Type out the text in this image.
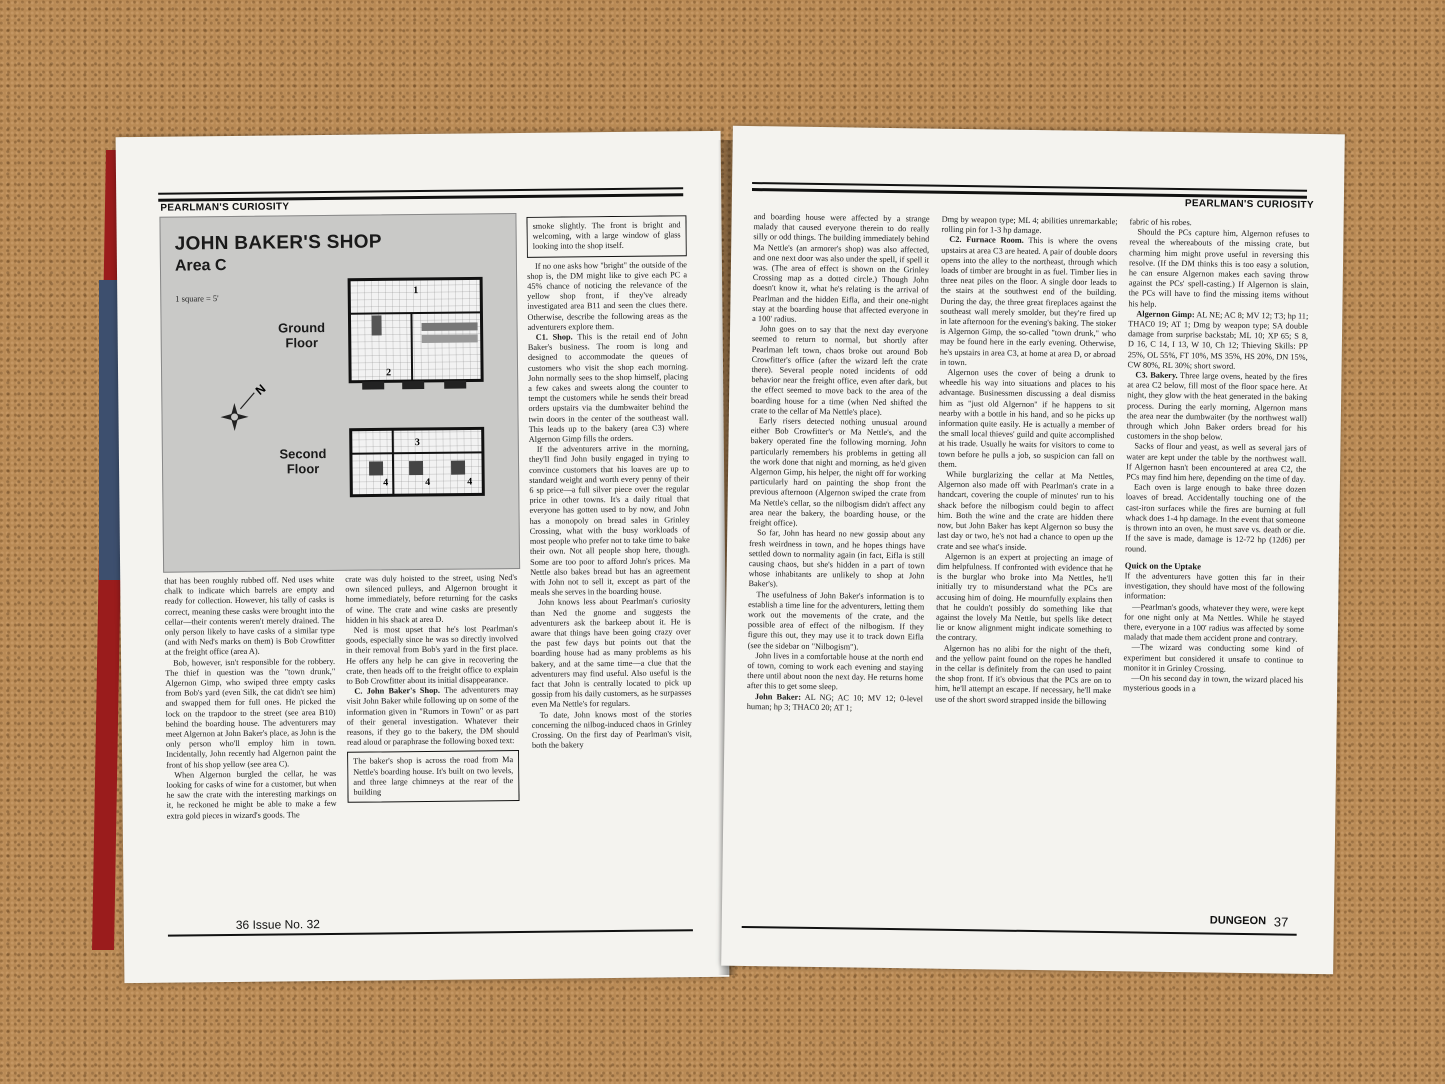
PEARLMAN'S CURIOSITY
JOHN BAKER'S SHOP
Area C
1 square = 5'
Ground Floor
Second Floor
1
2
3
4	4	4
N
smoke slightly. The front is bright and welcoming, with a large window of glass looking into the shop itself.

If no one asks how "bright" the outside of the shop is, the DM might like to give each PC a 45% chance of noticing the relevance of the yellow shop front, if they've already investigated area B11 and seen the clues there. Otherwise, describe the following areas as the adventurers explore them.

C1. Shop. This is the retail end of John Baker's business. The room is long and designed to accommodate the queues of customers who visit the shop each morning. John normally sees to the shop himself, placing a few cakes and sweets along the counter to tempt the customers while he sends their bread orders upstairs via the dumbwaiter behind the twin doors in the center of the southeast wall. This leads up to the bakery (area C3) where Algernon Gimp fills the orders.

If the adventurers arrive in the morning, they'll find John busily engaged in trying to convince customers that his loaves are up to standard weight and worth every penny of their 6 sp price—a full silver piece over the regular price in other towns. It's a daily ritual that everyone has gotten used to by now, and John has a monopoly on bread sales in Grinley Crossing, what with the busy workloads of most people who prefer not to take time to bake their own. Not all people shop here, though. Some are too poor to afford John's prices. Ma Nettle also bakes bread but has an agreement with John not to sell it, except as part of the meals she serves in the boarding house.

John knows less about Pearlman's curiosity than Ned the gnome and suggests the adventurers ask the barkeep about it. He is aware that things have been going crazy over the past few days but points out that the boarding house had as many problems as his bakery, and at the same time—a clue that the adventurers may find useful. Also useful is the fact that John is centrally located to pick up gossip from his daily customers, as he surpasses even Ma Nettle's for regulars.

To date, John knows most of the stories concerning the nilbog-induced chaos in Grinley Crossing. On the first day of Pearlman's visit, both the bakery

that has been roughly rubbed off. Ned uses white chalk to indicate which barrels are empty and ready for collection. However, his tally of casks is correct, meaning these casks were brought into the cellar—their contents weren't merely drained. The only person likely to have casks of a similar type (and with Ned's marks on them) is Bob Crowfitter at the freight office (area A).

Bob, however, isn't responsible for the robbery. The thief in question was the "town drunk," Algernon Gimp, who swiped three empty casks from Bob's yard (even Silk, the cat didn't see him) and swapped them for full ones. He picked the lock on the trapdoor to the street (see area B10) behind the boarding house. The adventurers may meet Algernon at John Baker's place, as John is the only person who'll employ him in town. Incidentally, John recently had Algernon paint the front of his shop yellow (see area C).

When Algernon burgled the cellar, he was looking for casks of wine for a customer, but when he saw the crate with the interesting markings on it, he reckoned he might be able to make a few extra gold pieces in wizard's goods. The

crate was duly hoisted to the street, using Ned's own silenced pulleys, and Algernon brought it home immediately, before returning for the casks of wine. The crate and wine casks are presently hidden in his shack at area D.

Ned is most upset that he's lost Pearlman's goods, especially since he was so directly involved in their removal from Bob's yard in the first place. He offers any help he can give in recovering the crate, then heads off to the freight office to explain to Bob Crowfitter about its initial disappearance.

C. John Baker's Shop. The adventurers may visit John Baker while following up on some of the information given in "Rumors in Town" or as part of their general investigation. Whatever their reasons, if they go to the bakery, the DM should read aloud or paraphrase the following boxed text:

The baker's shop is across the road from Ma Nettle's boarding house. It's built on two levels, and three large chimneys at the rear of the building
36 Issue No. 32
PEARLMAN'S CURIOSITY

and boarding house were affected by a strange malady that caused everyone therein to do really silly or odd things. The building immediately behind Ma Nettle's (an armorer's shop) was also affected, and one next door was also under the spell, if spell it was. (The area of effect is shown on the Grinley Crossing map as a dotted circle.) Though John doesn't know it, what he's relating is the arrival of Pearlman and the hidden Eifla, and their one-night stay at the boarding house that affected everyone in a 100' radius.

John goes on to say that the next day everyone seemed to return to normal, but shortly after Pearlman left town, chaos broke out around Bob Crowfitter's office (after the wizard left the crate there). Several people noted incidents of odd behavior near the freight office, even after dark, but the effect seemed to move back to the area of the boarding house for a time (when Ned shifted the crate to the cellar of Ma Nettle's place).

Early risers detected nothing unusual around either Bob Crowfitter's or Ma Nettle's, and the bakery operated fine the following morning. John particularly remembers his problems in getting all the work done that night and morning, as he'd given Algernon Gimp, his helper, the night off for working particularly hard on painting the shop front the previous afternoon (Algernon swiped the crate from Ma Nettle's cellar, so the nilbogism didn't affect any area near the bakery, the boarding house, or the freight office).

So far, John has heard no new gossip about any fresh weirdness in town, and he hopes things have settled down to normality again (in fact, Eifla is still causing chaos, but she's hidden in a part of town whose inhabitants are unlikely to shop at John Baker's).

The usefulness of John Baker's information is to establish a time line for the adventurers, letting them work out the movements of the crate, and the possible area of effect of the nilbogism. If they figure this out, they may use it to track down Eifla (see the sidebar on "Nilbogism").

John lives in a comfortable house at the north end of town, coming to work each evening and staying there until about noon the next day. He returns home after this to get some sleep.

John Baker: AL NG; AC 10; MV 12; 0-level human; hp 3; THAC0 20; AT 1;

Dmg by weapon type; ML 4; abilities unremarkable; rolling pin for 1-3 hp damage.

C2. Furnace Room. This is where the ovens upstairs at area C3 are heated. A pair of double doors opens into the alley to the northeast, through which loads of timber are brought in as fuel. Timber lies in three neat piles on the floor. A single door leads to the stairs at the southwest end of the building. During the day, the three great fireplaces against the southeast wall merely smolder, but they're fired up in late afternoon for the evening's baking. The stoker is Algernon Gimp, the so-called "town drunk," who may be found here in the early evening. Otherwise, he's upstairs in area C3, at home at area D, or abroad in town.

Algernon uses the cover of being a drunk to wheedle his way into situations and places to his advantage. Businessmen discussing a deal dismiss him as "just old Algernon" if he happens to sit nearby with a bottle in his hand, and so he picks up information quite easily. He is actually a member of the small local thieves' guild and quite accomplished at his trade. Usually he waits for visitors to come to town before he pulls a job, so suspicion can fall on them.

While burglarizing the cellar at Ma Nettles, Algernon also made off with Pearlman's crate in a handcart, covering the couple of minutes' run to his shack before the nilbogism could begin to affect him. Both the wine and the crate are hidden there now, but John Baker has kept Algernon so busy the last day or two, he's not had a chance to open up the crate and see what's inside.

Algernon is an expert at projecting an image of dim helpfulness. If confronted with evidence that he is the burglar who broke into Ma Nettles, he'll initially try to misunderstand what the PCs are accusing him of doing. He mournfully explains then that he couldn't possibly do something like that against the lovely Ma Nettle, but spells like detect lie or know alignment might indicate something to the contrary.

Algernon has no alibi for the night of the theft, and the yellow paint found on the ropes he handled in the cellar is definitely from the can used to paint the shop front. If it's obvious that the PCs are on to him, he'll attempt an escape. If necessary, he'll make use of the short sword strapped inside the billowing

fabric of his robes.

Should the PCs capture him, Algernon refuses to reveal the whereabouts of the missing crate, but charming him might prove useful in reversing this resolve. (If the DM thinks this is too easy a solution, he can ensure Algernon makes each saving throw against the PCs' spell-casting.) If Algernon is slain, the PCs will have to find the missing items without his help.

Algernon Gimp: AL NE; AC 8; MV 12; T3; hp 11; THAC0 19; AT 1; Dmg by weapon type; SA double damage from surprise backstab; ML 10; XP 65; S 8, D 16, C 14, I 13, W 10, Ch 12; Thieving Skills: PP 25%, OL 55%, FT 10%, MS 35%, HS 20%, DN 15%, CW 80%, RL 30%; short sword.

C3. Bakery. Three large ovens, heated by the fires at area C2 below, fill most of the floor space here. At night, they glow with the heat generated in the baking process. During the early morning, Algernon mans the area near the dumbwaiter (by the northwest wall) through which John Baker orders bread for his customers in the shop below.

Sacks of flour and yeast, as well as several jars of water are kept under the table by the northwest wall. If Algernon hasn't been encountered at area C2, the PCs may find him here, depending on the time of day.

Each oven is large enough to bake three dozen loaves of bread. Accidentally touching one of the cast-iron surfaces while the fires are burning at full whack does 1-4 hp damage. In the event that someone is thrown into an oven, he must save vs. death or die. If the save is made, damage is 12-72 hp (12d6) per round.

Quick on the Uptake

If the adventurers have gotten this far in their investigation, they should have most of the following information:

—Pearlman's goods, whatever they were, were kept for one night only at Ma Nettles. While he stayed there, everyone in a 100' radius was affected by some malady that made them accident prone and contrary.

—The wizard was conducting some kind of experiment but considered it unsafe to continue to monitor it in Grinley Crossing.

—On his second day in town, the wizard placed his mysterious goods in a

DUNGEON 37
